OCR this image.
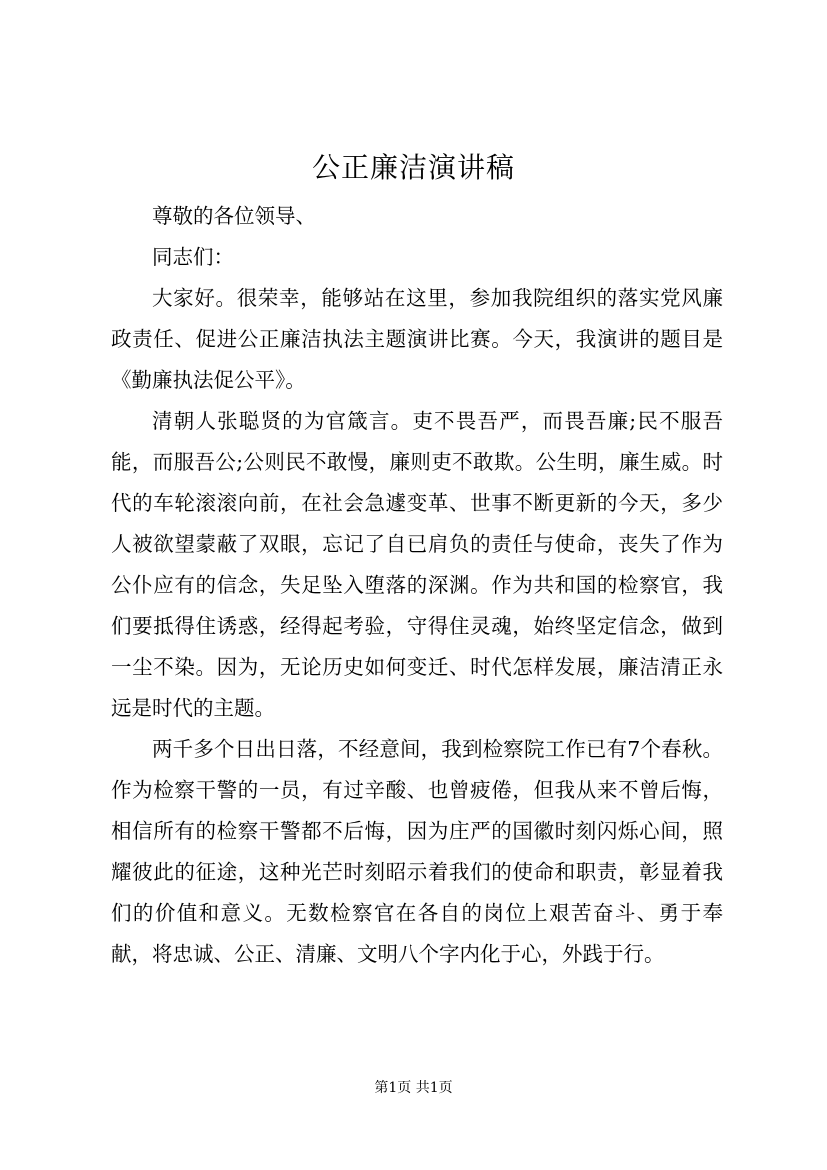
公正廉洁演讲稿

尊敬的各位领导、

同志们：

大家好。很荣幸，能够站在这里，参加我院组织的落实党风廉政责任、促进公正廉洁执法主题演讲比赛。今天，我演讲的题目是《勤廉执法促公平》。

清朝人张聪贤的为官箴言。吏不畏吾严，而畏吾廉;民不服吾能，而服吾公;公则民不敢慢，廉则吏不敢欺。公生明，廉生威。时代的车轮滚滚向前，在社会急遽变革、世事不断更新的今天，多少人被欲望蒙蔽了双眼，忘记了自已肩负的责任与使命，丧失了作为公仆应有的信念，失足坠入堕落的深渊。作为共和国的检察官，我们要抵得住诱惑，经得起考验，守得住灵魂，始终坚定信念，做到一尘不染。因为，无论历史如何变迁、时代怎样发展，廉洁清正永远是时代的主题。

两千多个日出日落，不经意间，我到检察院工作已有7个春秋。作为检察干警的一员，有过辛酸、也曾疲倦，但我从来不曾后悔，相信所有的检察干警都不后悔，因为庄严的国徽时刻闪烁心间，照耀彼此的征途，这种光芒时刻昭示着我们的使命和职责，彰显着我们的价值和意义。无数检察官在各自的岗位上艰苦奋斗、勇于奉献，将忠诚、公正、清廉、文明八个字内化于心，外践于行。

第1页 共1页
